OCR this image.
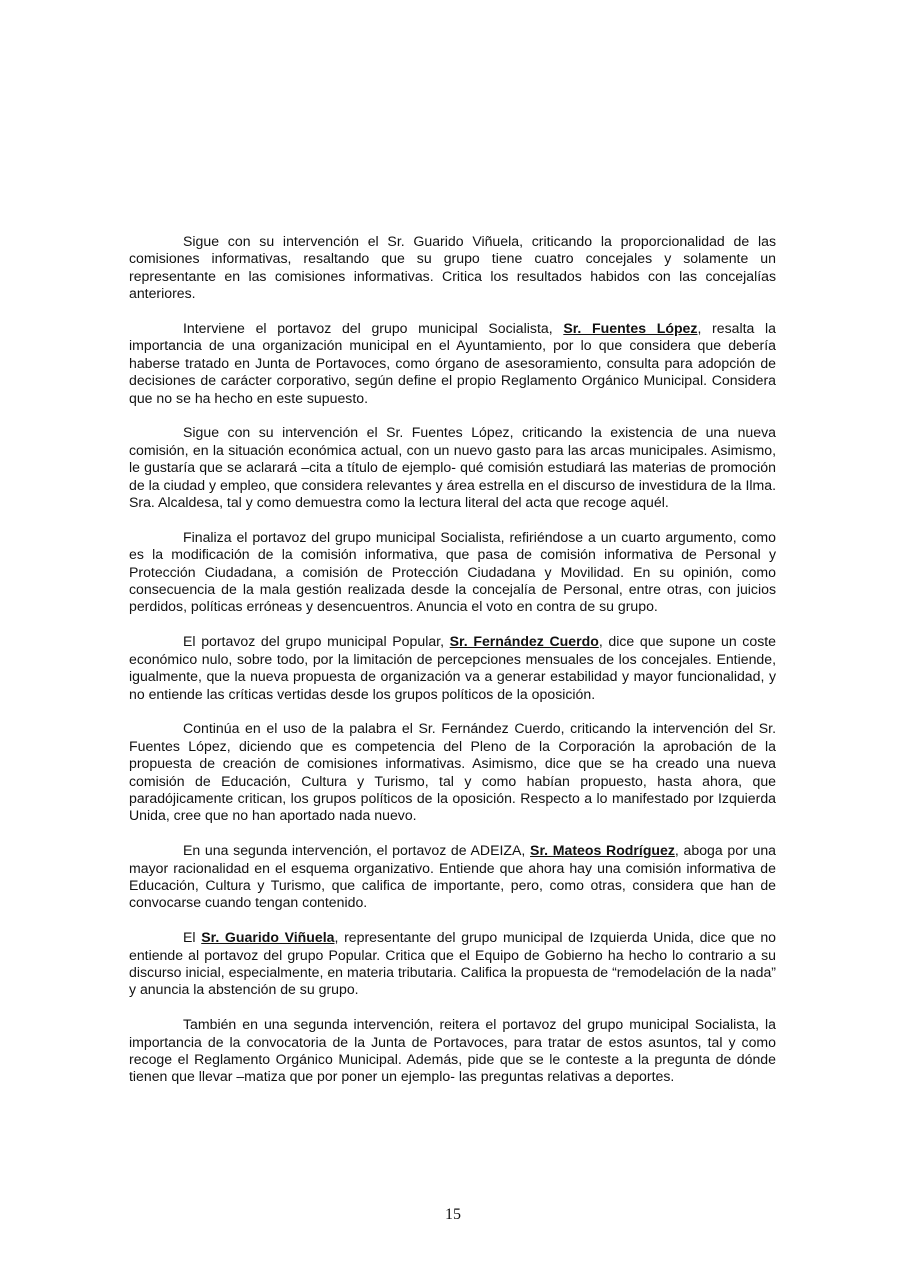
Sigue con su intervención el Sr. Guarido Viñuela, criticando la proporcionalidad de las comisiones informativas, resaltando que su grupo tiene cuatro concejales y solamente un representante en las comisiones informativas. Critica los resultados habidos con las concejalías anteriores.

Interviene el portavoz del grupo municipal Socialista, Sr. Fuentes López, resalta la importancia de una organización municipal en el Ayuntamiento, por lo que considera que debería haberse tratado en Junta de Portavoces, como órgano de asesoramiento, consulta para adopción de decisiones de carácter corporativo, según define el propio Reglamento Orgánico Municipal. Considera que no se ha hecho en este supuesto.

Sigue con su intervención el Sr. Fuentes López, criticando la existencia de una nueva comisión, en la situación económica actual, con un nuevo gasto para las arcas municipales. Asimismo, le gustaría que se aclarará –cita a título de ejemplo- qué comisión estudiará las materias de promoción de la ciudad y empleo, que considera relevantes y área estrella en el discurso de investidura de la Ilma. Sra. Alcaldesa, tal y como demuestra como la lectura literal del acta que recoge aquél.

Finaliza el portavoz del grupo municipal Socialista, refiriéndose a un cuarto argumento, como es la modificación de la comisión informativa, que pasa de comisión informativa de Personal y Protección Ciudadana, a comisión de Protección Ciudadana y Movilidad. En su opinión, como consecuencia de la mala gestión realizada desde la concejalía de Personal, entre otras, con juicios perdidos, políticas erróneas y desencuentros. Anuncia el voto en contra de su grupo.

El portavoz del grupo municipal Popular, Sr. Fernández Cuerdo, dice que supone un coste económico nulo, sobre todo, por la limitación de percepciones mensuales de los concejales. Entiende, igualmente, que la nueva propuesta de organización va a generar estabilidad y mayor funcionalidad, y no entiende las críticas vertidas desde los grupos políticos de la oposición.

Continúa en el uso de la palabra el Sr. Fernández Cuerdo, criticando la intervención del Sr. Fuentes López, diciendo que es competencia del Pleno de la Corporación la aprobación de la propuesta de creación de comisiones informativas. Asimismo, dice que se ha creado una nueva comisión de Educación, Cultura y Turismo, tal y como habían propuesto, hasta ahora, que paradójicamente critican, los grupos políticos de la oposición. Respecto a lo manifestado por Izquierda Unida, cree que no han aportado nada nuevo.

En una segunda intervención, el portavoz de ADEIZA, Sr. Mateos Rodríguez, aboga por una mayor racionalidad en el esquema organizativo. Entiende que ahora hay una comisión informativa de Educación, Cultura y Turismo, que califica de importante, pero, como otras, considera que han de convocarse cuando tengan contenido.

El Sr. Guarido Viñuela, representante del grupo municipal de Izquierda Unida, dice que no entiende al portavoz del grupo Popular. Critica que el Equipo de Gobierno ha hecho lo contrario a su discurso inicial, especialmente, en materia tributaria. Califica la propuesta de “remodelación de la nada” y anuncia la abstención de su grupo.

También en una segunda intervención, reitera el portavoz del grupo municipal Socialista, la importancia de la convocatoria de la Junta de Portavoces, para tratar de estos asuntos, tal y como recoge el Reglamento Orgánico Municipal. Además, pide que se le conteste a la pregunta de dónde tienen que llevar –matiza que por poner un ejemplo- las preguntas relativas a deportes.

15
